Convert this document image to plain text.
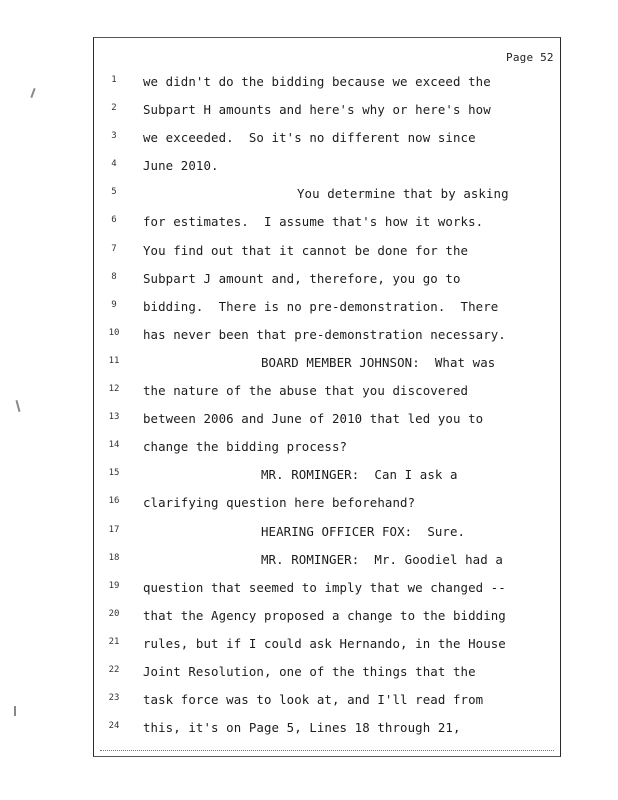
Page 52
1
2
3
4
5
6
7
8
9
10
11
12
13
14
15
16
17
18
19
20
21
22
23
24
we didn't do the bidding because we exceed the
Subpart H amounts and here's why or here's how
we exceeded.  So it's no different now since
June 2010.
You determine that by asking
for estimates.  I assume that's how it works.
You find out that it cannot be done for the
Subpart J amount and, therefore, you go to
bidding.  There is no pre-demonstration.  There
has never been that pre-demonstration necessary.
BOARD MEMBER JOHNSON:  What was
the nature of the abuse that you discovered
between 2006 and June of 2010 that led you to
change the bidding process?
MR. ROMINGER:  Can I ask a
clarifying question here beforehand?
HEARING OFFICER FOX:  Sure.
MR. ROMINGER:  Mr. Goodiel had a
question that seemed to imply that we changed --
that the Agency proposed a change to the bidding
rules, but if I could ask Hernando, in the House
Joint Resolution, one of the things that the
task force was to look at, and I'll read from
this, it's on Page 5, Lines 18 through 21,
